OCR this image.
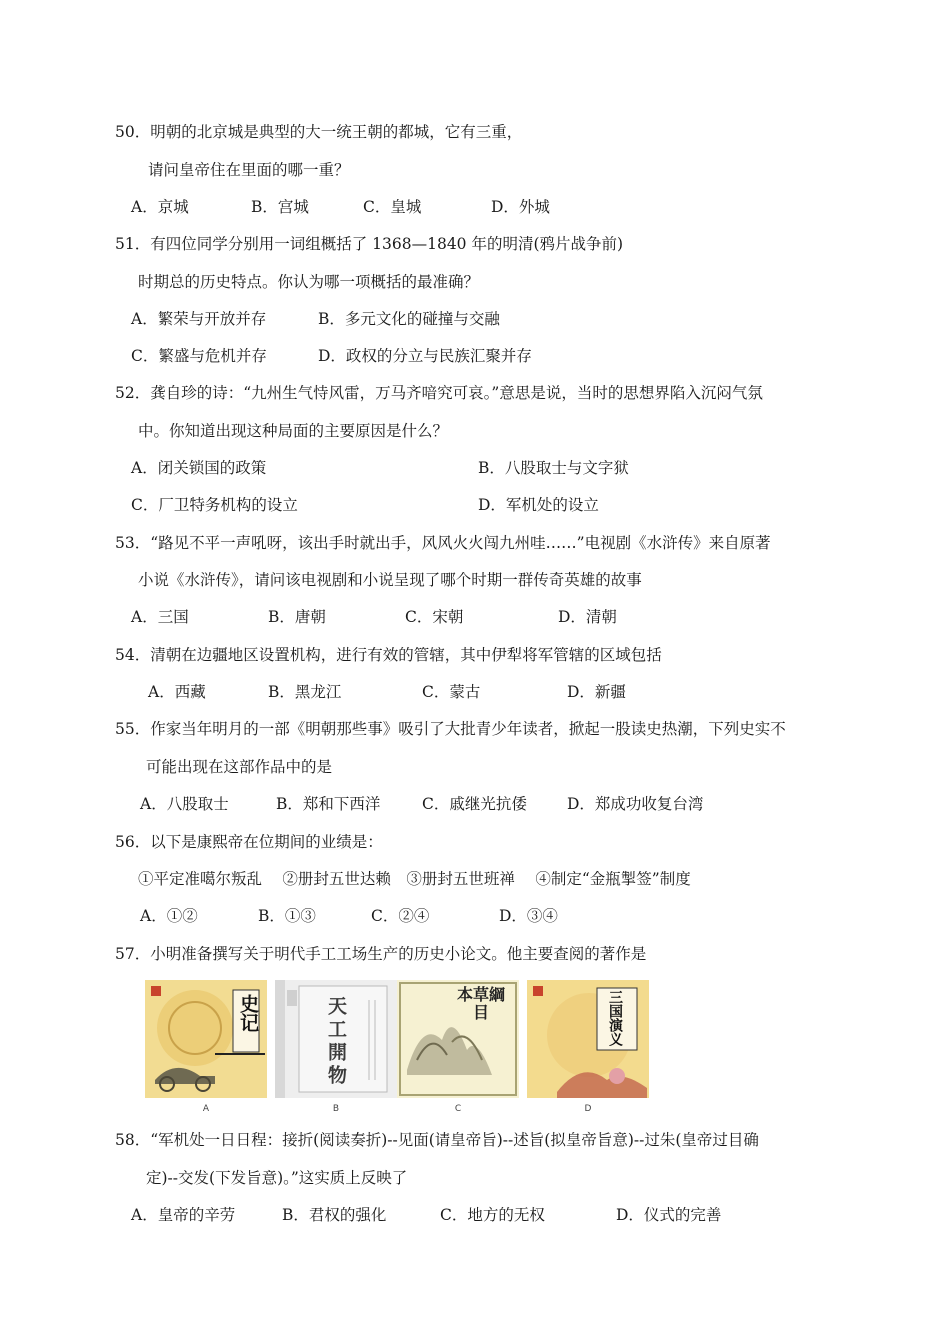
50．明朝的北京城是典型的大一统王朝的都城，它有三重，
请问皇帝住在里面的哪一重？
A．京城	B．宫城	C．皇城	D．外城
51．有四位同学分别用一词组概括了 1368—1840 年的明清(鸦片战争前)
时期总的历史特点。你认为哪一项概括的最准确？
A．繁荣与开放并存	B．多元文化的碰撞与交融
C．繁盛与危机并存	D．政权的分立与民族汇聚并存
52．龚自珍的诗：“九州生气恃风雷，万马齐喑究可哀。”意思是说，当时的思想界陷入沉闷气氛
中。你知道出现这种局面的主要原因是什么？
A．闭关锁国的政策	B．八股取士与文字狱
C．厂卫特务机构的设立	D．军机处的设立
53．“路见不平一声吼呀，该出手时就出手，风风火火闯九州哇……”电视剧《水浒传》来自原著
小说《水浒传》，请问该电视剧和小说呈现了哪个时期一群传奇英雄的故事
A．三国	B．唐朝	C．宋朝	D．清朝
54．清朝在边疆地区设置机构，进行有效的管辖，其中伊犁将军管辖的区域包括
A．西藏	B．黑龙江	C．蒙古	D．新疆
55．作家当年明月的一部《明朝那些事》吸引了大批青少年读者，掀起一股读史热潮，下列史实不
可能出现在这部作品中的是
A．八股取士	B．郑和下西洋	C．戚继光抗倭	D．郑成功收复台湾
56．以下是康熙帝在位期间的业绩是：
①平定准噶尔叛乱　 ②册封五世达赖　③册封五世班禅　 ④制定“金瓶掣签”制度
A．①②	B．①③	C．②④	D．③④
57．小明准备撰写关于明代手工工场生产的历史小论文。他主要查阅的著作是
史记
A
天工開物
B
本草綱目
C
三国演义
D
58．“军机处一日日程：接折(阅读奏折)--见面(请皇帝旨)--述旨(拟皇帝旨意)--过朱(皇帝过目确
定)--交发(下发旨意)。”这实质上反映了
A．皇帝的辛劳	B．君权的强化	C．地方的无权	D．仪式的完善
